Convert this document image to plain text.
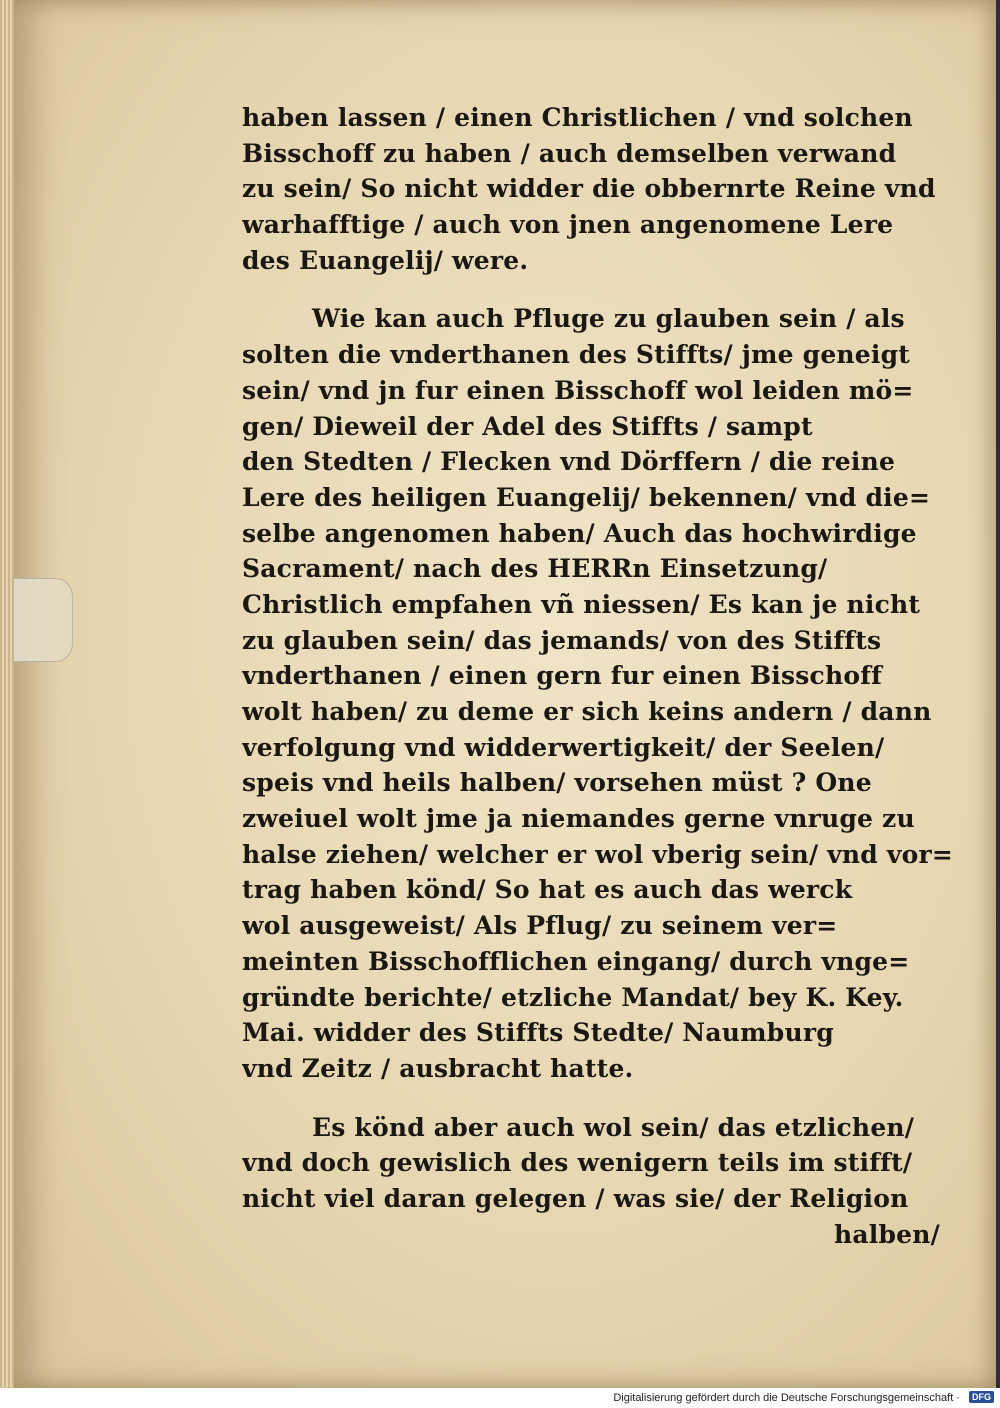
haben lassen / einen Christlichen / vnd solchen
Bisschoff zu haben / auch demselben verwand
zu sein/ So nicht widder die obbernrte Reine vnd
warhafftige / auch von jnen angenomene Lere
des Euangelij/ were.
Wie kan auch Pfluge zu glauben sein / als
solten die vnderthanen des Stiffts/ jme geneigt
sein/ vnd jn fur einen Bisschoff wol leiden mö=
gen/ Dieweil der Adel des Stiffts / sampt
den Stedten / Flecken vnd Dörffern / die reine
Lere des heiligen Euangelij/ bekennen/ vnd die=
selbe angenomen haben/ Auch das hochwirdige
Sacrament/ nach des HERRn Einsetzung/
Christlich empfahen vñ niessen/ Es kan je nicht
zu glauben sein/ das jemands/ von des Stiffts
vnderthanen / einen gern fur einen Bisschoff
wolt haben/ zu deme er sich keins andern / dann
verfolgung vnd widderwertigkeit/ der Seelen/
speis vnd heils halben/ vorsehen müst ? One
zweiuel wolt jme ja niemandes gerne vnruge zu
halse ziehen/ welcher er wol vberig sein/ vnd vor=
trag haben könd/ So hat es auch das werck
wol ausgeweist/ Als Pflug/ zu seinem ver=
meinten Bisschofflichen eingang/ durch vnge=
gründte berichte/ etzliche Mandat/ bey K. Key.
Mai. widder des Stiffts Stedte/ Naumburg
vnd Zeitz / ausbracht hatte.
Es könd aber auch wol sein/ das etzlichen/
vnd doch gewislich des wenigern teils im stifft/
nicht viel daran gelegen / was sie/ der Religion
halben/
Digitalisierung gefördert durch die Deutsche Forschungsgemeinschaft ·	DFG
